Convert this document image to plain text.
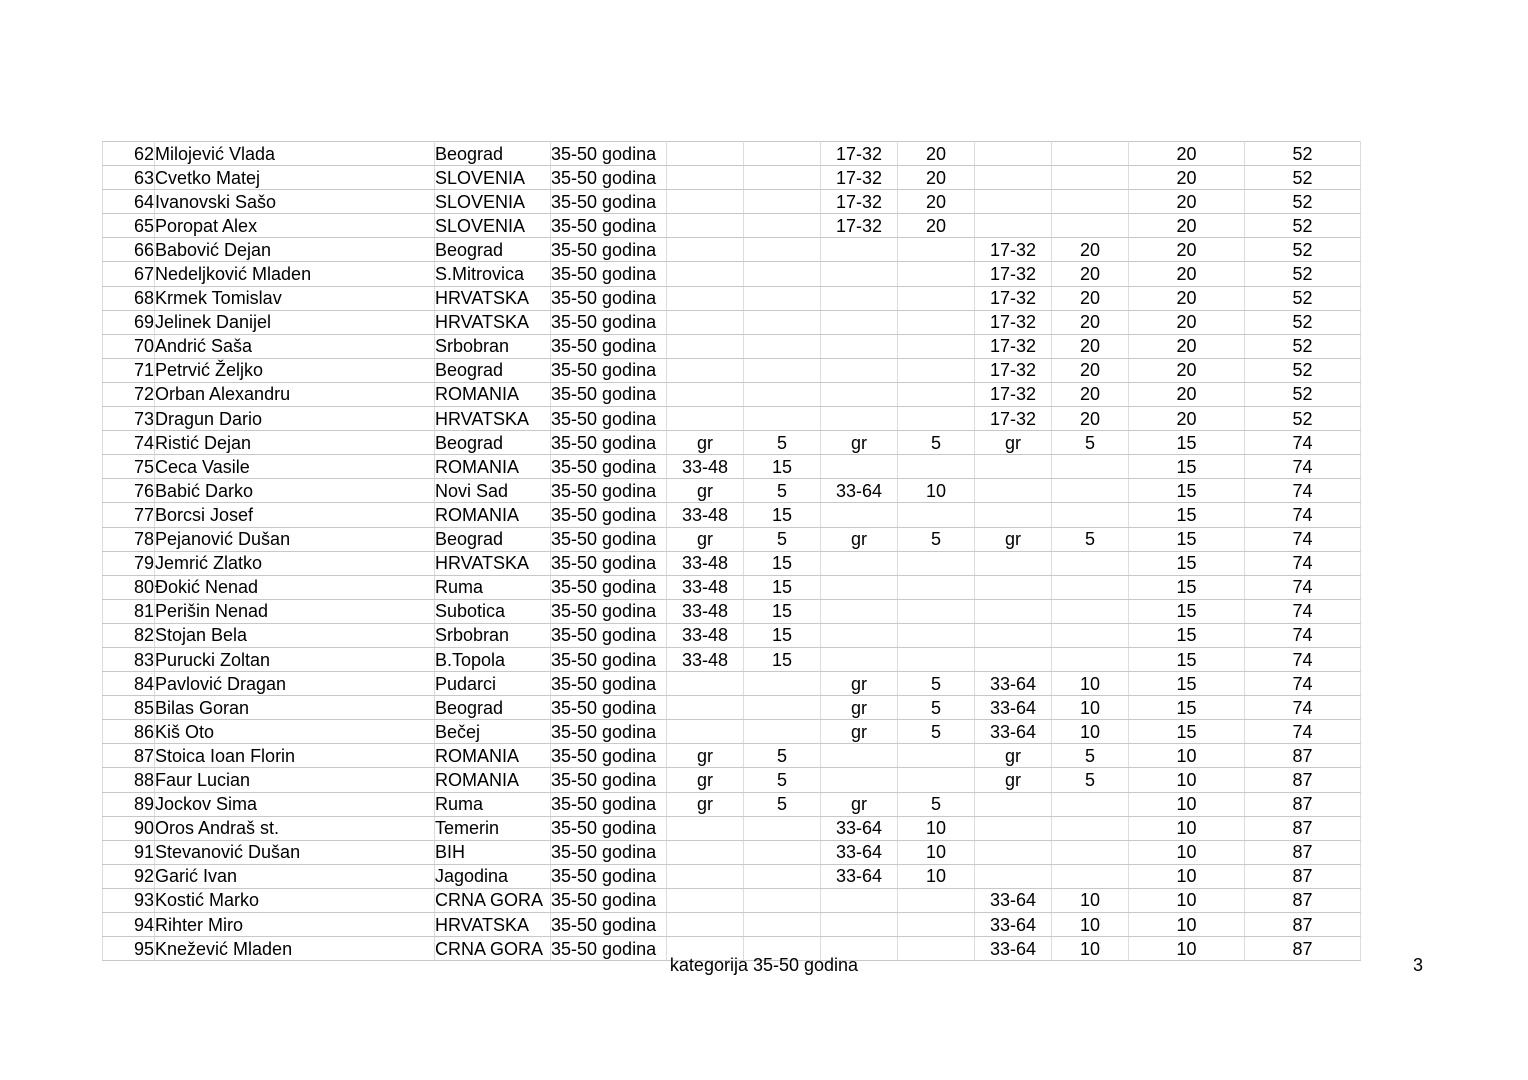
62	Milojević Vlada	Beograd	35-50 godina			17-32	20			20	52
63	Cvetko Matej	SLOVENIA	35-50 godina			17-32	20			20	52
64	Ivanovski Sašo	SLOVENIA	35-50 godina			17-32	20			20	52
65	Poropat Alex	SLOVENIA	35-50 godina			17-32	20			20	52
66	Babović Dejan	Beograd	35-50 godina					17-32	20	20	52
67	Nedeljković Mladen	S.Mitrovica	35-50 godina					17-32	20	20	52
68	Krmek Tomislav	HRVATSKA	35-50 godina					17-32	20	20	52
69	Jelinek Danijel	HRVATSKA	35-50 godina					17-32	20	20	52
70	Andrić Saša	Srbobran	35-50 godina					17-32	20	20	52
71	Petrvić Željko	Beograd	35-50 godina					17-32	20	20	52
72	Orban Alexandru	ROMANIA	35-50 godina					17-32	20	20	52
73	Dragun Dario	HRVATSKA	35-50 godina					17-32	20	20	52
74	Ristić Dejan	Beograd	35-50 godina	gr	5	gr	5	gr	5	15	74
75	Ceca Vasile	ROMANIA	35-50 godina	33-48	15					15	74
76	Babić Darko	Novi Sad	35-50 godina	gr	5	33-64	10			15	74
77	Borcsi Josef	ROMANIA	35-50 godina	33-48	15					15	74
78	Pejanović Dušan	Beograd	35-50 godina	gr	5	gr	5	gr	5	15	74
79	Jemrić Zlatko	HRVATSKA	35-50 godina	33-48	15					15	74
80	Đokić Nenad	Ruma	35-50 godina	33-48	15					15	74
81	Perišin Nenad	Subotica	35-50 godina	33-48	15					15	74
82	Stojan Bela	Srbobran	35-50 godina	33-48	15					15	74
83	Purucki Zoltan	B.Topola	35-50 godina	33-48	15					15	74
84	Pavlović Dragan	Pudarci	35-50 godina			gr	5	33-64	10	15	74
85	Bilas Goran	Beograd	35-50 godina			gr	5	33-64	10	15	74
86	Kiš Oto	Bečej	35-50 godina			gr	5	33-64	10	15	74
87	Stoica Ioan Florin	ROMANIA	35-50 godina	gr	5			gr	5	10	87
88	Faur Lucian	ROMANIA	35-50 godina	gr	5			gr	5	10	87
89	Jockov Sima	Ruma	35-50 godina	gr	5	gr	5			10	87
90	Oros Andraš st.	Temerin	35-50 godina			33-64	10			10	87
91	Stevanović Dušan	BIH	35-50 godina			33-64	10			10	87
92	Garić Ivan	Jagodina	35-50 godina			33-64	10			10	87
93	Kostić Marko	CRNA GORA	35-50 godina					33-64	10	10	87
94	Rihter Miro	HRVATSKA	35-50 godina					33-64	10	10	87
95	Knežević Mladen	CRNA GORA	35-50 godina					33-64	10	10	87
kategorija 35-50 godina	3
